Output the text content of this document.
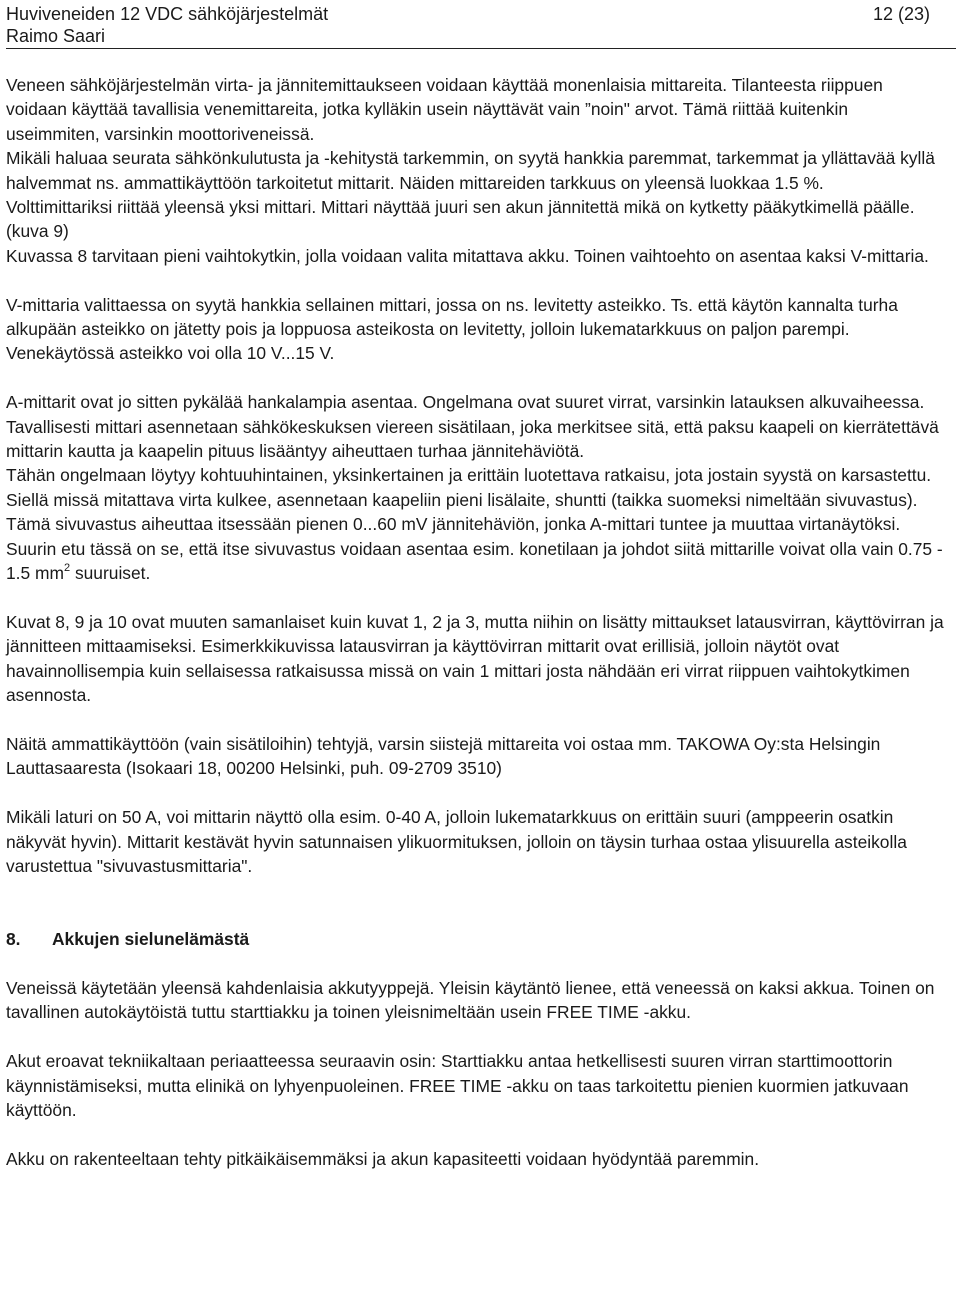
Huviveneiden 12 VDC sähköjärjestelmät
Raimo Saari
12 (23)

Veneen sähköjärjestelmän virta- ja jännitemittaukseen voidaan käyttää monenlaisia mittareita. Tilanteesta riippuen voidaan käyttää tavallisia venemittareita, jotka kylläkin usein näyttävät vain ”noin" arvot. Tämä riittää kuitenkin useimmiten, varsinkin moottoriveneissä.

Mikäli haluaa seurata sähkönkulutusta ja -kehitystä tarkemmin, on syytä hankkia paremmat, tarkemmat ja yllättavää kyllä halvemmat ns. ammattikäyttöön tarkoitetut mittarit. Näiden mittareiden tarkkuus on yleensä luokkaa 1.5 %.

Volttimittariksi riittää yleensä yksi mittari. Mittari näyttää juuri sen akun jännitettä mikä on kytketty pääkytkimellä päälle. (kuva 9)

Kuvassa 8 tarvitaan pieni vaihtokytkin, jolla voidaan valita mitattava akku. Toinen vaihtoehto on asentaa kaksi V-mittaria.

V-mittaria valittaessa on syytä hankkia sellainen mittari, jossa on ns. levitetty asteikko. Ts. että käytön kannalta turha alkupään asteikko on jätetty pois ja loppuosa asteikosta on levitetty, jolloin lukematarkkuus on paljon parempi. Venekäytössä asteikko voi olla 10 V...15 V.

A-mittarit ovat jo sitten pykälää hankalampia asentaa. Ongelmana ovat suuret virrat, varsinkin latauksen alkuvaiheessa. Tavallisesti mittari asennetaan sähkökeskuksen viereen sisätilaan, joka merkitsee sitä, että paksu kaapeli on kierrätettävä mittarin kautta ja kaapelin pituus lisääntyy aiheuttaen turhaa jännitehäviötä.

Tähän ongelmaan löytyy kohtuuhintainen, yksinkertainen ja erittäin luotettava ratkaisu, jota jostain syystä on karsastettu.

Siellä missä mitattava virta kulkee, asennetaan kaapeliin pieni lisälaite, shuntti (taikka suomeksi nimeltään sivuvastus). Tämä sivuvastus aiheuttaa itsessään pienen 0...60 mV jännitehäviön, jonka A-mittari tuntee ja muuttaa virtanäytöksi. Suurin etu tässä on se, että itse sivuvastus voidaan asentaa esim. konetilaan ja johdot siitä mittarille voivat olla vain 0.75 - 1.5 $mm^2$ suuruiset.

Kuvat 8, 9 ja 10 ovat muuten samanlaiset kuin kuvat 1, 2 ja 3, mutta niihin on lisätty mittaukset latausvirran, käyttövirran ja jännitteen mittaamiseksi. Esimerkkikuvissa latausvirran ja käyttövirran mittarit ovat erillisiä, jolloin näytöt ovat havainnollisempia kuin sellaisessa ratkaisussa missä on vain 1 mittari josta nähdään eri virrat riippuen vaihtokytkimen asennosta.

Näitä ammattikäyttöön (vain sisätiloihin) tehtyjä, varsin siistejä mittareita voi ostaa mm. TAKOWA Oy:sta Helsingin Lauttasaaresta (Isokaari 18, 00200 Helsinki, puh. 09-2709 3510)

Mikäli laturi on 50 A, voi mittarin näyttö olla esim. 0-40 A, jolloin lukematarkkuus on erittäin suuri (amppeerin osatkin näkyvät hyvin). Mittarit kestävät hyvin satunnaisen ylikuormituksen, jolloin on täysin turhaa ostaa ylisuurella asteikolla varustettua "sivuvastusmittaria".

8. Akkujen sielunelämästä

Veneissä käytetään yleensä kahdenlaisia akkutyyppejä. Yleisin käytäntö lienee, että veneessä on kaksi akkua. Toinen on tavallinen autokäytöistä tuttu starttiakku ja toinen yleisnimeltään usein FREE TIME -akku.

Akut eroavat tekniikaltaan periaatteessa seuraavin osin: Starttiakku antaa hetkellisesti suuren virran starttimoottorin käynnistämiseksi, mutta elinikä on lyhyenpuoleinen. FREE TIME -akku on taas tarkoitettu pienien kuormien jatkuvaan käyttöön.

Akku on rakenteeltaan tehty pitkäikäisemmäksi ja akun kapasiteetti voidaan hyödyntää paremmin.
